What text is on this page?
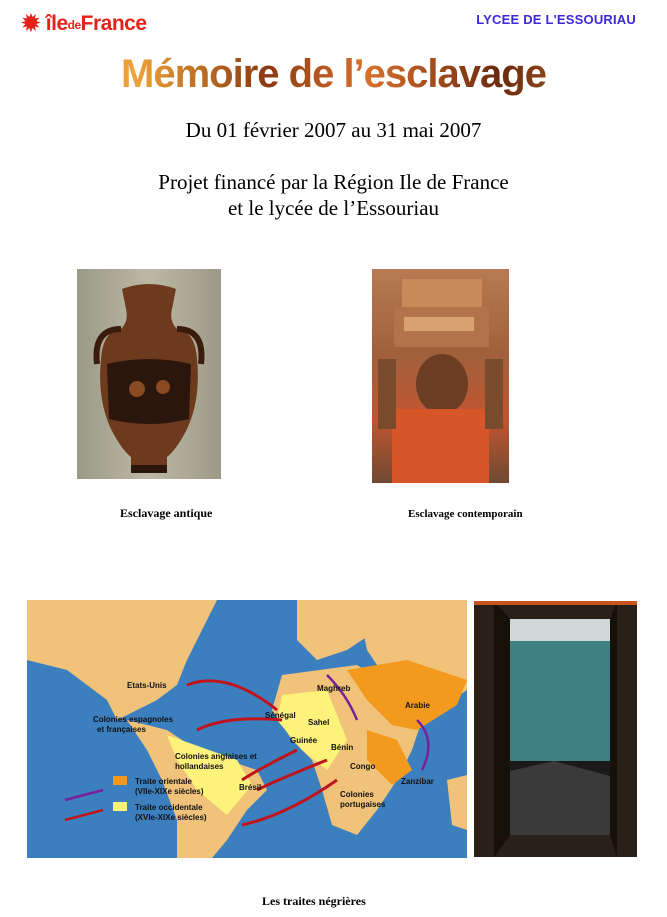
✹ îledeFrance	LYCEE DE L'ESSOURIAU
Mémoire de l’esclavage
Du 01 février 2007 au 31 mai 2007
Projet financé par la Région Ile de France
et le lycée de l’Essouriau
Esclavage antique	Esclavage contemporain
Etats-Unis
Colonies espagnoles
et françaises
Colonies anglaises et
hollandaises
Sénégal
Maghreb
Sahel
Guinée
Bénin
Congo
Arabie
Zanzibar
Brésil
Colonies
portugaises
Traite orientale
(VIIe-XIXe siècles)
Traite occidentale
(XVIe-XIXe siècles)
Les traites négrières
